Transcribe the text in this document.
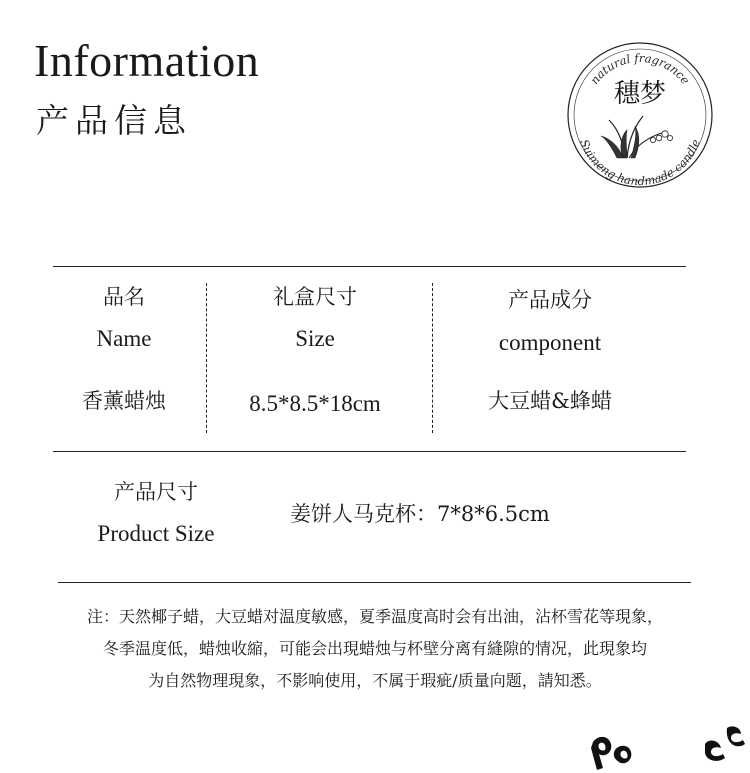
Information
产品信息
natural fragrance
Suimeng handmade candle
穗梦
品名
Name
香薰蜡烛
礼盒尺寸
Size
8.5*8.5*18cm
产品成分
component
大豆蜡&蜂蜡
产品尺寸
Product Size
姜饼人马克杯：7*8*6.5cm
注：天然椰子蜡，大豆蜡对温度敏感，夏季温度高时会有出油，沾杯雪花等現象，
冬季温度低，蜡烛收縮，可能会出現蜡烛与杯壁分离有縫隙的情况，此現象均
为自然物理現象，不影响使用，不属于瑕疵/质量向题，請知悉。
